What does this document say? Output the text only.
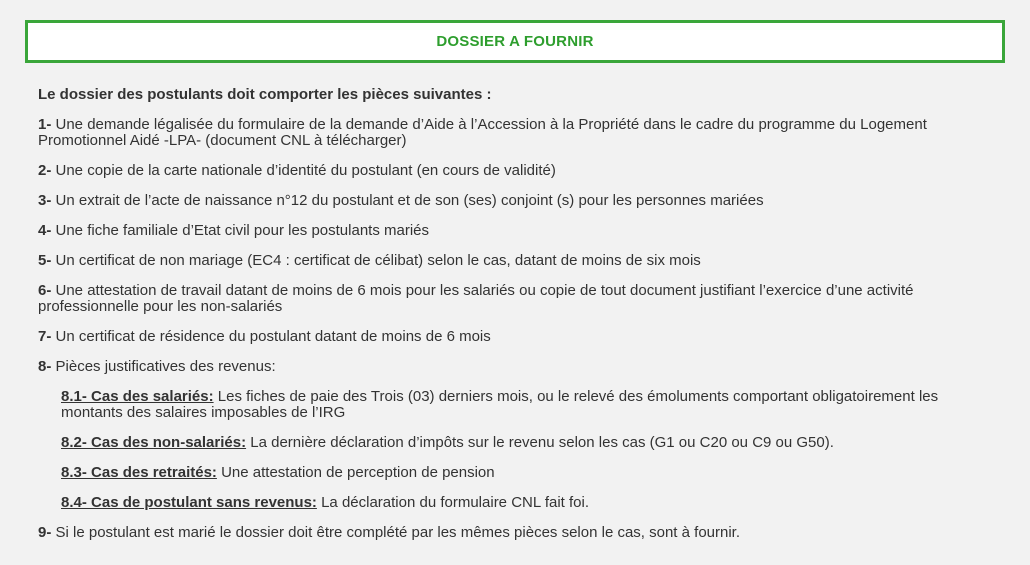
DOSSIER A FOURNIR

Le dossier des postulants doit comporter les pièces suivantes :

1- Une demande légalisée du formulaire de la demande d’Aide à l’Accession à la Propriété dans le cadre du programme du Logement Promotionnel Aidé -LPA- (document CNL à télécharger)

2- Une copie de la carte nationale d’identité du postulant (en cours de validité)

3- Un extrait de l’acte de naissance n°12 du postulant et de son (ses) conjoint (s) pour les personnes mariées

4- Une fiche familiale d’Etat civil pour les postulants mariés

5- Un certificat de non mariage (EC4 : certificat de célibat) selon le cas, datant de moins de six mois

6- Une attestation de travail datant de moins de 6 mois pour les salariés ou copie de tout document justifiant l’exercice d’une activité professionnelle pour les non-salariés

7- Un certificat de résidence du postulant datant de moins de 6 mois

8- Pièces justificatives des revenus:

8.1- Cas des salariés: Les fiches de paie des Trois (03) derniers mois, ou le relevé des émoluments comportant obligatoirement les montants des salaires imposables de l’IRG

8.2- Cas des non-salariés: La dernière déclaration d’impôts sur le revenu selon les cas (G1 ou C20 ou C9 ou G50).

8.3- Cas des retraités: Une attestation de perception de pension

8.4- Cas de postulant sans revenus: La déclaration du formulaire CNL fait foi.

9- Si le postulant est marié le dossier doit être complété par les mêmes pièces selon le cas, sont à fournir.
